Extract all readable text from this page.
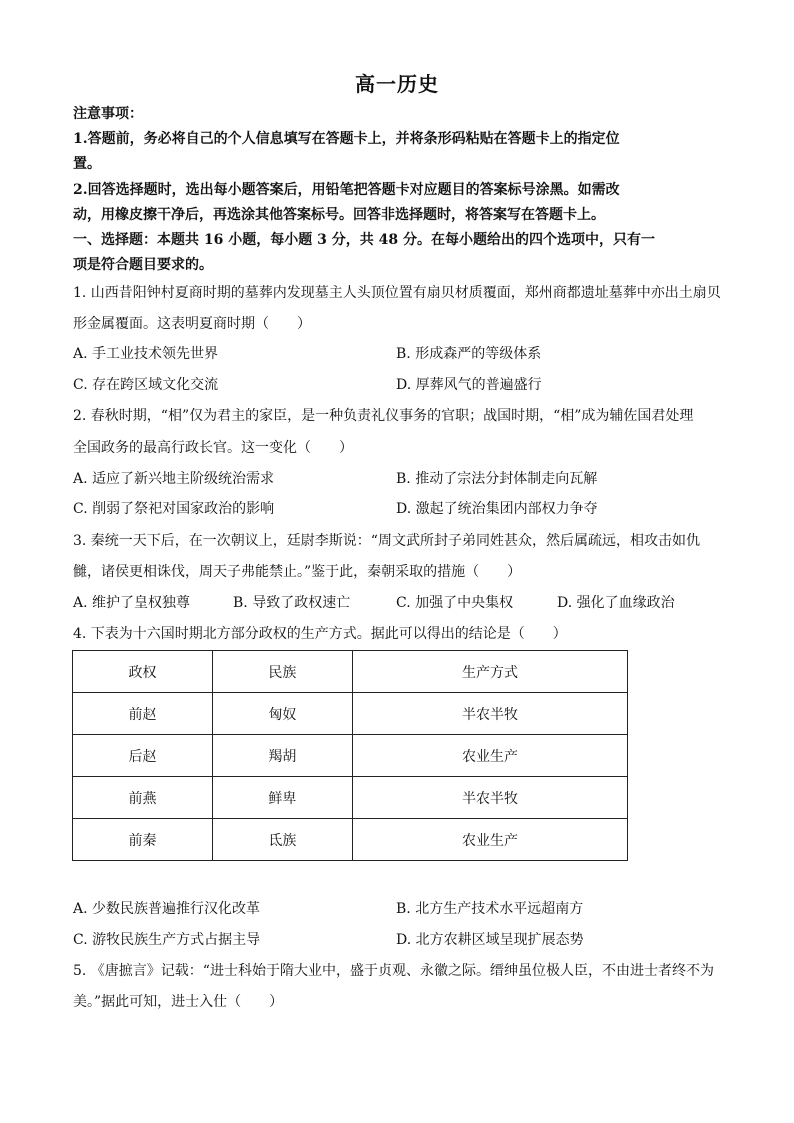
高一历史
注意事项：
1.答题前，务必将自己的个人信息填写在答题卡上，并将条形码粘贴在答题卡上的指定位
置。
2.回答选择题时，选出每小题答案后，用铅笔把答题卡对应题目的答案标号涂黑。如需改
动，用橡皮擦干净后，再选涂其他答案标号。回答非选择题时，将答案写在答题卡上。
一、选择题：本题共 16 小题，每小题 3 分，共 48 分。在每小题给出的四个选项中，只有一
项是符合题目要求的。
1. 山西昔阳钟村夏商时期的墓葬内发现墓主人头顶位置有扇贝材质覆面，郑州商都遗址墓葬中亦出土扇贝
形金属覆面。这表明夏商时期（　　）
A. 手工业技术领先世界	B. 形成森严的等级体系
C. 存在跨区域文化交流	D. 厚葬风气的普遍盛行
2. 春秋时期，“相”仅为君主的家臣，是一种负责礼仪事务的官职；战国时期，“相”成为辅佐国君处理
全国政务的最高行政长官。这一变化（　　）
A. 适应了新兴地主阶级统治需求	B. 推动了宗法分封体制走向瓦解
C. 削弱了祭祀对国家政治的影响	D. 激起了统治集团内部权力争夺
3. 秦统一天下后，在一次朝议上，廷尉李斯说：“周文武所封子弟同姓甚众，然后属疏远，相攻击如仇
雠，诸侯更相诛伐，周天子弗能禁止。”鉴于此，秦朝采取的措施（　　）
A. 维护了皇权独尊	B. 导致了政权速亡	C. 加强了中央集权	D. 强化了血缘政治
4. 下表为十六国时期北方部分政权的生产方式。据此可以得出的结论是（　　）
政权	民族	生产方式
前赵	匈奴	半农半牧
后赵	羯胡	农业生产
前燕	鲜卑	半农半牧
前秦	氐族	农业生产
A. 少数民族普遍推行汉化改革	B. 北方生产技术水平远超南方
C. 游牧民族生产方式占据主导	D. 北方农耕区域呈现扩展态势
5. 《唐摭言》记载：“进士科始于隋大业中，盛于贞观、永徽之际。缙绅虽位极人臣，不由进士者终不为
美。”据此可知，进士入仕（　　）
